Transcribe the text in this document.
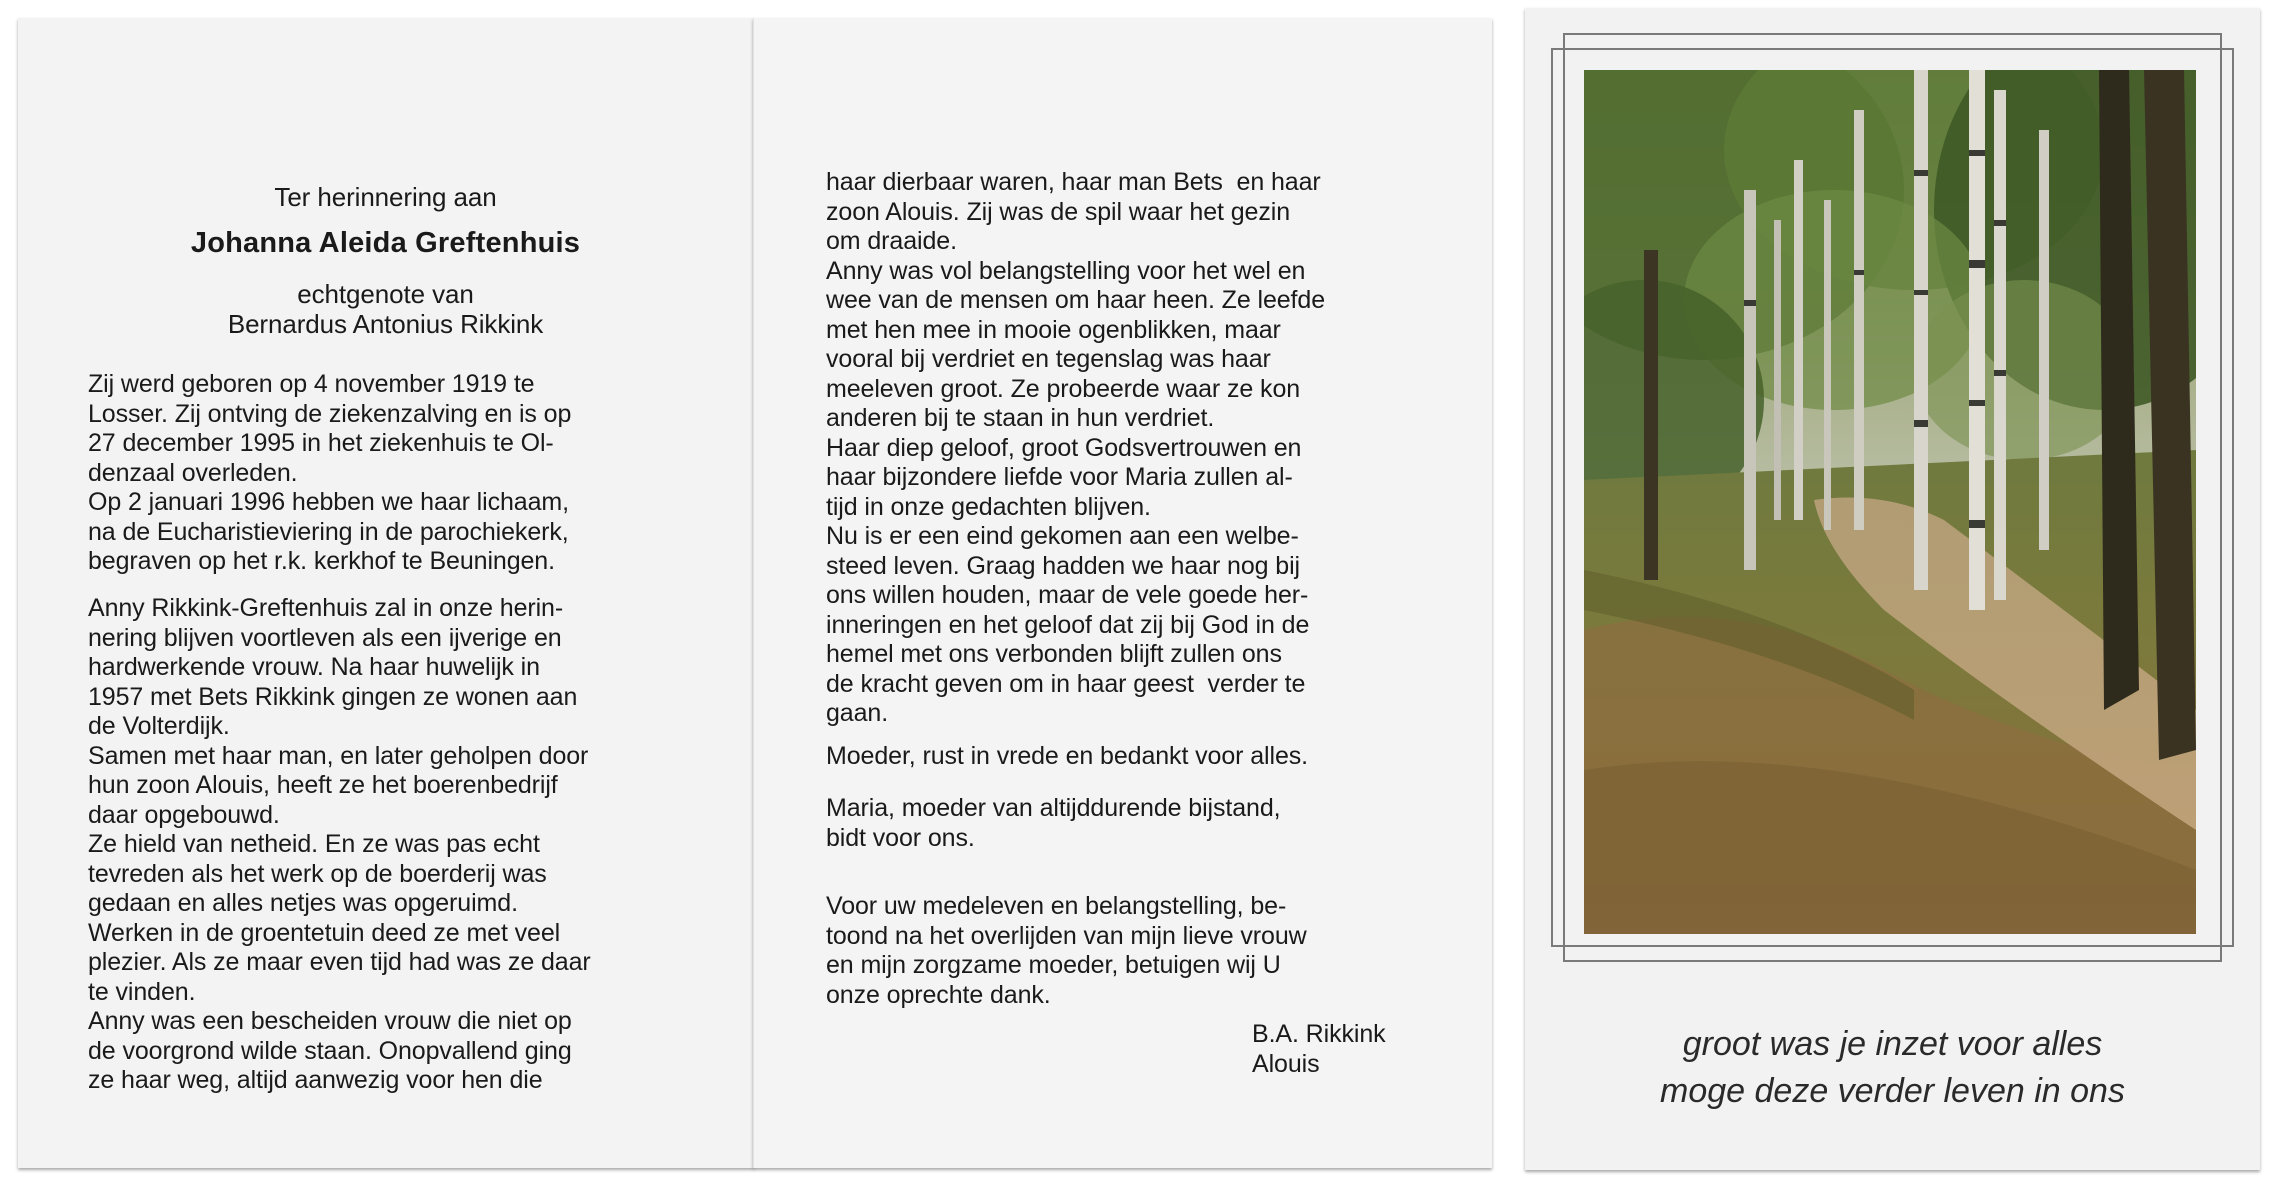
Ter herinnering aan
Johanna Aleida Greftenhuis
echtgenote van
Bernardus Antonius Rikkink
Zij werd geboren op 4 november 1919 te
Losser. Zij ontving de ziekenzalving en is op
27 december 1995 in het ziekenhuis te Ol-
denzaal overleden.
Op 2 januari 1996 hebben we haar lichaam,
na de Eucharistieviering in de parochiekerk,
begraven op het r.k. kerkhof te Beuningen.
Anny Rikkink-Greftenhuis zal in onze herin-
nering blijven voortleven als een ijverige en
hardwerkende vrouw. Na haar huwelijk in
1957 met Bets Rikkink gingen ze wonen aan
de Volterdijk.
Samen met haar man, en later geholpen door
hun zoon Alouis, heeft ze het boerenbedrijf
daar opgebouwd.
Ze hield van netheid. En ze was pas echt
tevreden als het werk op de boerderij was
gedaan en alles netjes was opgeruimd.
Werken in de groentetuin deed ze met veel
plezier. Als ze maar even tijd had was ze daar
te vinden.
Anny was een bescheiden vrouw die niet op
de voorgrond wilde staan. Onopvallend ging
ze haar weg, altijd aanwezig voor hen die
haar dierbaar waren, haar man Bets  en haar
zoon Alouis. Zij was de spil waar het gezin
om draaide.
Anny was vol belangstelling voor het wel en
wee van de mensen om haar heen. Ze leefde
met hen mee in mooie ogenblikken, maar
vooral bij verdriet en tegenslag was haar
meeleven groot. Ze probeerde waar ze kon
anderen bij te staan in hun verdriet.
Haar diep geloof, groot Godsvertrouwen en
haar bijzondere liefde voor Maria zullen al-
tijd in onze gedachten blijven.
Nu is er een eind gekomen aan een welbe-
steed leven. Graag hadden we haar nog bij
ons willen houden, maar de vele goede her-
inneringen en het geloof dat zij bij God in de
hemel met ons verbonden blijft zullen ons
de kracht geven om in haar geest  verder te
gaan.
Moeder, rust in vrede en bedankt voor alles.
Maria, moeder van altijddurende bijstand,
bidt voor ons.
Voor uw medeleven en belangstelling, be-
toond na het overlijden van mijn lieve vrouw
en mijn zorgzame moeder, betuigen wij U
onze oprechte dank.
B.A. Rikkink
Alouis
groot was je inzet voor alles
moge deze verder leven in ons
